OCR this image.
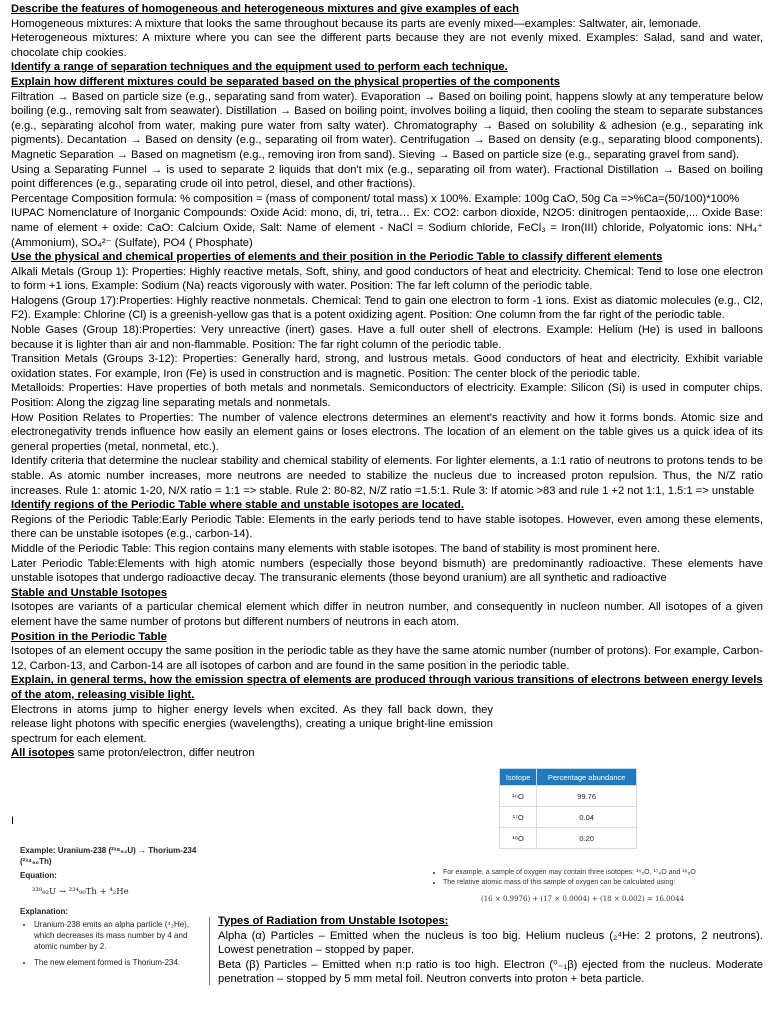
Describe the features of homogeneous and heterogeneous mixtures and give examples of each

Homogeneous mixtures: A mixture that looks the same throughout because its parts are evenly mixed—examples: Saltwater, air, lemonade.

Heterogeneous mixtures: A mixture where you can see the different parts because they are not evenly mixed. Examples: Salad, sand and water, chocolate chip cookies.

Identify a range of separation techniques and the equipment used to perform each technique.

Explain how different mixtures could be separated based on the physical properties of the components

Filtration → Based on particle size (e.g., separating sand from water). Evaporation → Based on boiling point, happens slowly at any temperature below boiling (e.g., removing salt from seawater). Distillation → Based on boiling point, involves boiling a liquid, then cooling the steam to separate substances (e.g., separating alcohol from water, making pure water from salty water). Chromatography → Based on solubility & adhesion (e.g., separating ink pigments). Decantation → Based on density (e.g., separating oil from water). Centrifugation → Based on density (e.g., separating blood components). Magnetic Separation → Based on magnetism (e.g., removing iron from sand). Sieving → Based on particle size (e.g., separating gravel from sand).

Using a Separating Funnel → is used to separate 2 liquids that don't mix (e.g., separating oil from water). Fractional Distillation → Based on boiling point differences (e.g., separating crude oil into petrol, diesel, and other fractions).

Percentage Composition formula: % composition = (mass of component/ total mass) x 100%. Example: 100g CaO, 50g Ca =>%Ca=(50/100)*100%

IUPAC Nomenclature of Inorganic Compounds: Oxide Acid: mono, di, tri, tetra… Ex: CO2: carbon dioxide, N2O5: dinitrogen pentaoxide,... Oxide Base: name of element + oxide: CaO: Calcium Oxide, Salt: Name of element - NaCl = Sodium chloride, FeCl₃ = Iron(III) chloride, Polyatomic ions: NH₄⁺ (Ammonium), SO₄²⁻ (Sulfate), PO4 ( Phosphate)

Use the physical and chemical properties of elements and their position in the Periodic Table to classify different elements

Alkali Metals (Group 1): Properties: Highly reactive metals, Soft, shiny, and good conductors of heat and electricity. Chemical: Tend to lose one electron to form +1 ions. Example: Sodium (Na) reacts vigorously with water. Position: The far left column of the periodic table.

Halogens (Group 17):Properties: Highly reactive nonmetals. Chemical: Tend to gain one electron to form -1 ions. Exist as diatomic molecules (e.g., Cl2, F2). Example: Chlorine (Cl) is a greenish-yellow gas that is a potent oxidizing agent. Position: One column from the far right of the periodic table.

Noble Gases (Group 18):Properties: Very unreactive (inert) gases. Have a full outer shell of electrons. Example: Helium (He) is used in balloons because it is lighter than air and non-flammable. Position: The far right column of the periodic table.

Transition Metals (Groups 3-12): Properties: Generally hard, strong, and lustrous metals. Good conductors of heat and electricity. Exhibit variable oxidation states. For example, Iron (Fe) is used in construction and is magnetic. Position: The center block of the periodic table.

Metalloids: Properties: Have properties of both metals and nonmetals. Semiconductors of electricity. Example: Silicon (Si) is used in computer chips. Position: Along the zigzag line separating metals and nonmetals.

How Position Relates to Properties: The number of valence electrons determines an element's reactivity and how it forms bonds. Atomic size and electronegativity trends influence how easily an element gains or loses electrons. The location of an element on the table gives us a quick idea of its general properties (metal, nonmetal, etc.).

Identify criteria that determine the nuclear stability and chemical stability of elements. For lighter elements, a 1:1 ratio of neutrons to protons tends to be stable. As atomic number increases, more neutrons are needed to stabilize the nucleus due to increased proton repulsion. Thus, the N/Z ratio increases. Rule 1: atomic 1-20, N/X ratio = 1:1 => stable. Rule 2: 80-82, N/Z ratio =1.5:1. Rule 3: If atomic >83 and rule 1 +2 not 1:1, 1.5:1 => unstable

Identify regions of the Periodic Table where stable and unstable isotopes are located.

Regions of the Periodic Table:Early Periodic Table: Elements in the early periods tend to have stable isotopes. However, even among these elements, there can be unstable isotopes (e.g., carbon-14).

Middle of the Periodic Table: This region contains many elements with stable isotopes. The band of stability is most prominent here.

Later Periodic Table:Elements with high atomic numbers (especially those beyond bismuth) are predominantly radioactive. These elements have unstable isotopes that undergo radioactive decay. The transuranic elements (those beyond uranium) are all synthetic and radioactive

Stable and Unstable Isotopes

Isotopes are variants of a particular chemical element which differ in neutron number, and consequently in nucleon number. All isotopes of a given element have the same number of protons but different numbers of neutrons in each atom.

Position in the Periodic Table

Isotopes of an element occupy the same position in the periodic table as they have the same atomic number (number of protons). For example, Carbon-12, Carbon-13, and Carbon-14 are all isotopes of carbon and are found in the same position in the periodic table.

Explain, in general terms, how the emission spectra of elements are produced through various transitions of electrons between energy levels of the atom, releasing visible light.

Electrons in atoms jump to higher energy levels when excited. As they fall back down, they release light photons with specific energies (wavelengths), creating a unique bright-line emission spectrum for each element.

All isotopes same proton/electron, differ neutron

I
Isotope	Percentage abundance
¹⁶O	99.76
¹⁷O	0.04
¹⁸O	0.20
Example: Uranium-238 (²³⁸₉₂U) → Thorium-234 (²³⁴₉₀Th)
Equation:
²³⁸₉₂U → ²³⁴₉₀Th + ⁴₂He
Explanation:
• Uranium-238 emits an alpha particle (⁴₂He), which decreases its mass number by 4 and atomic number by 2.
• The new element formed is Thorium-234.
• For example, a sample of oxygen may contain three isotopes: ¹⁶₈O, ¹⁷₈O and ¹⁸₈O
• The relative atomic mass of this sample of oxygen can be calculated using:
(16 × 0.9976) + (17 × 0.0004) + (18 × 0.002) = 16.0044

Types of Radiation from Unstable Isotopes:

Alpha (α) Particles – Emitted when the nucleus is too big. Helium nucleus (₂⁴He: 2 protons, 2 neutrons). Lowest penetration – stopped by paper.

Beta (β) Particles – Emitted when n:p ratio is too high. Electron (⁰₋₁β) ejected from the nucleus. Moderate penetration – stopped by 5 mm metal foil. Neutron converts into proton + beta particle.
